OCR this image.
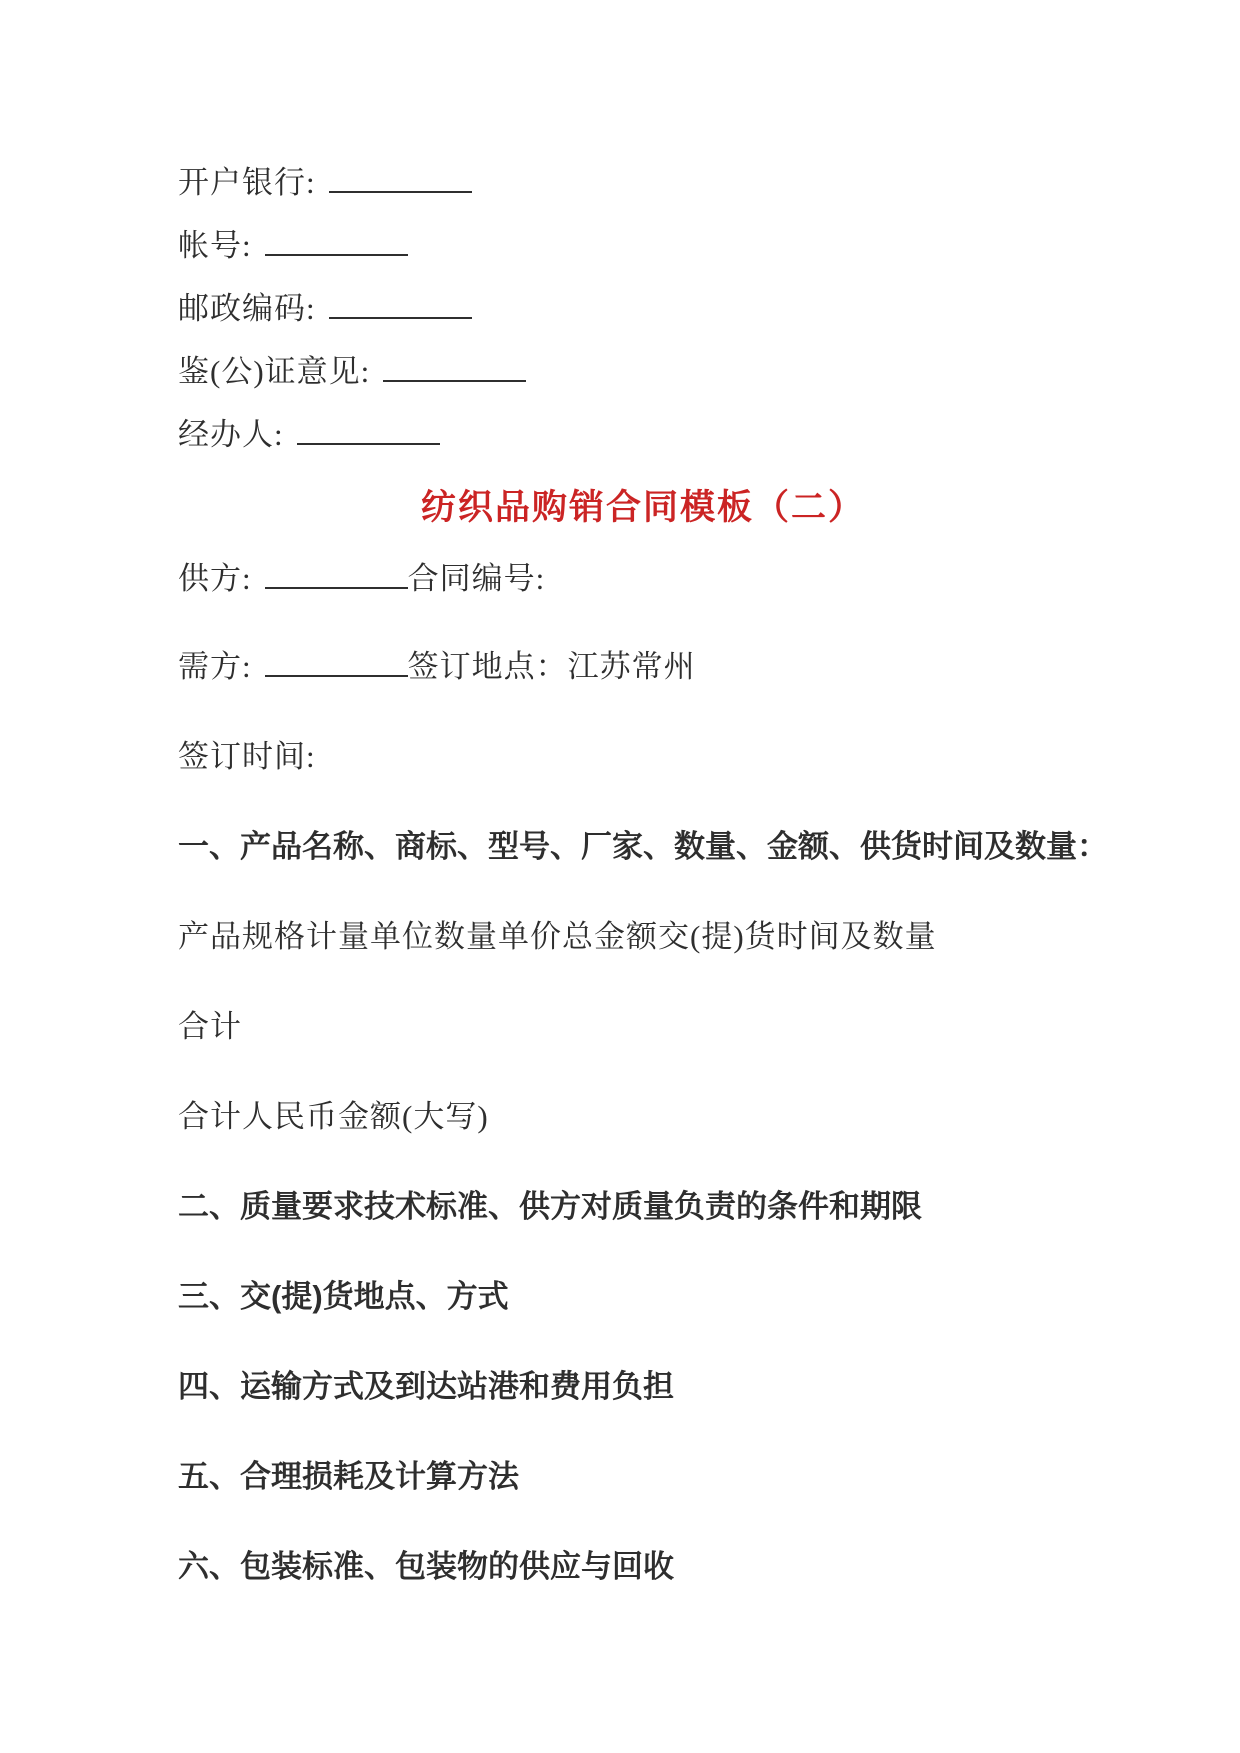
开户银行:

帐号:

邮政编码:

鉴(公)证意见:

经办人:

纺织品购销合同模板（二）

供方:	合同编号:

需方:	签订地点：江苏常州

签订时间:

一、产品名称、商标、型号、厂家、数量、金额、供货时间及数量：

产品规格计量单位数量单价总金额交(提)货时间及数量

合计

合计人民币金额(大写)

二、质量要求技术标准、供方对质量负责的条件和期限

三、交(提)货地点、方式

四、运输方式及到达站港和费用负担

五、合理损耗及计算方法

六、包装标准、包装物的供应与回收
